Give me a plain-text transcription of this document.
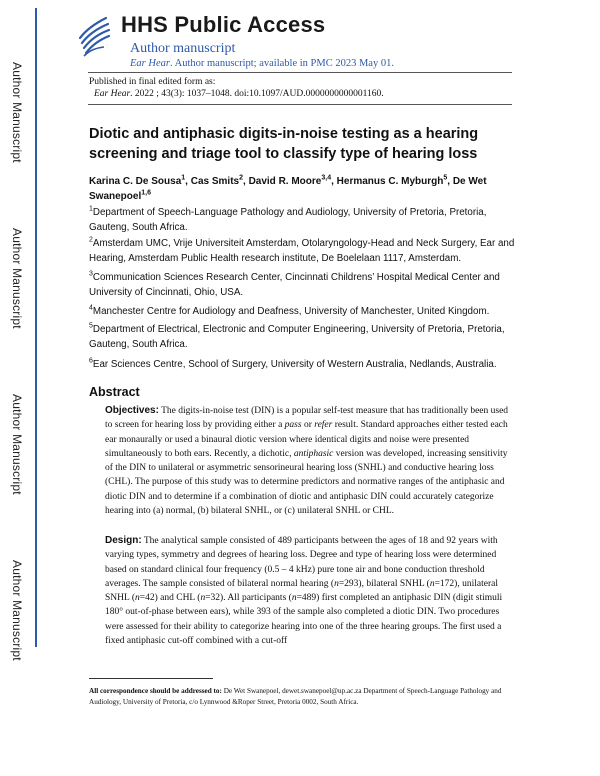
Author Manuscript
Author Manuscript
Author Manuscript
Author Manuscript
HHS Public Access
Author manuscript
Ear Hear. Author manuscript; available in PMC 2023 May 01.
Published in final edited form as:
Ear Hear. 2022 ; 43(3): 1037–1048. doi:10.1097/AUD.0000000000001160.
Diotic and antiphasic digits-in-noise testing as a hearing screening and triage tool to classify type of hearing loss
Karina C. De Sousa$^1$, Cas Smits$^2$, David R. Moore$^{3,4}$, Hermanus C. Myburgh$^5$, De Wet Swanepoel$^{1,6}$
$^1$Department of Speech-Language Pathology and Audiology, University of Pretoria, Pretoria, Gauteng, South Africa.
$^2$Amsterdam UMC, Vrije Universiteit Amsterdam, Otolaryngology-Head and Neck Surgery, Ear and Hearing, Amsterdam Public Health research institute, De Boelelaan 1117, Amsterdam.
$^3$Communication Sciences Research Center, Cincinnati Childrens’ Hospital Medical Center and University of Cincinnati, Ohio, USA.
$^4$Manchester Centre for Audiology and Deafness, University of Manchester, United Kingdom.
$^5$Department of Electrical, Electronic and Computer Engineering, University of Pretoria, Pretoria, Gauteng, South Africa.
$^6$Ear Sciences Centre, School of Surgery, University of Western Australia, Nedlands, Australia.
Abstract
Objectives: The digits-in-noise test (DIN) is a popular self-test measure that has traditionally been used to screen for hearing loss by providing either a pass or refer result. Standard approaches either tested each ear monaurally or used a binaural diotic version where identical digits and noise were presented simultaneously to both ears. Recently, a dichotic, antiphasic version was developed, increasing sensitivity of the DIN to unilateral or asymmetric sensorineural hearing loss (SNHL) and conductive hearing loss (CHL). The purpose of this study was to determine predictors and normative ranges of the antiphasic and diotic DIN and to determine if a combination of diotic and antiphasic DIN could accurately categorize hearing into (a) normal, (b) bilateral SNHL, or (c) unilateral SNHL or CHL.
Design: The analytical sample consisted of 489 participants between the ages of 18 and 92 years with varying types, symmetry and degrees of hearing loss. Degree and type of hearing loss were determined based on standard clinical four frequency (0.5 – 4 kHz) pure tone air and bone conduction threshold averages. The sample consisted of bilateral normal hearing (n=293), bilateral SNHL (n=172), unilateral SNHL (n=42) and CHL (n=32). All participants (n=489) first completed an antiphasic DIN (digit stimuli 180° out-of-phase between ears), while 393 of the sample also completed a diotic DIN. Two procedures were assessed for their ability to categorize hearing into one of the three hearing groups. The first used a fixed antiphasic cut-off combined with a cut-off
All correspondence should be addressed to: De Wet Swanepoel, dewet.swanepoel@up.ac.za Department of Speech-Language Pathology and Audiology, University of Pretoria, c/o Lynnwood &Roper Street, Pretoria 0002, South Africa.
